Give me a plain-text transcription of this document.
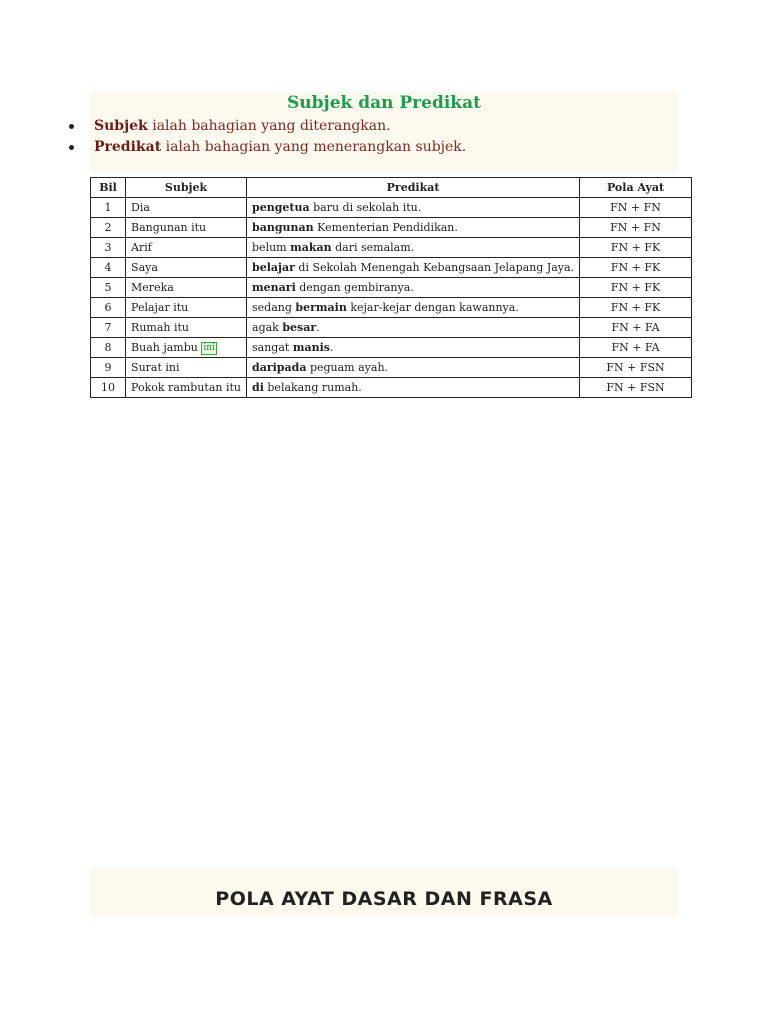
Subjek dan Predikat
Subjek ialah bahagian yang diterangkan.
Predikat ialah bahagian yang menerangkan subjek.
Bil	Subjek	Predikat	Pola Ayat
1	Dia	pengetua baru di sekolah itu.	FN + FN
2	Bangunan itu	bangunan Kementerian Pendidikan.	FN + FN
3	Arif	belum makan dari semalam.	FN + FK
4	Saya	belajar di Sekolah Menengah Kebangsaan Jelapang Jaya.	FN + FK
5	Mereka	menari dengan gembiranya.	FN + FK
6	Pelajar itu	sedang bermain kejar-kejar dengan kawannya.	FN + FK
7	Rumah itu	agak besar.	FN + FA
8	Buah jambu ini	sangat manis.	FN + FA
9	Surat ini	daripada peguam ayah.	FN + FSN
10	Pokok rambutan itu	di belakang rumah.	FN + FSN
POLA AYAT DASAR DAN FRASA
